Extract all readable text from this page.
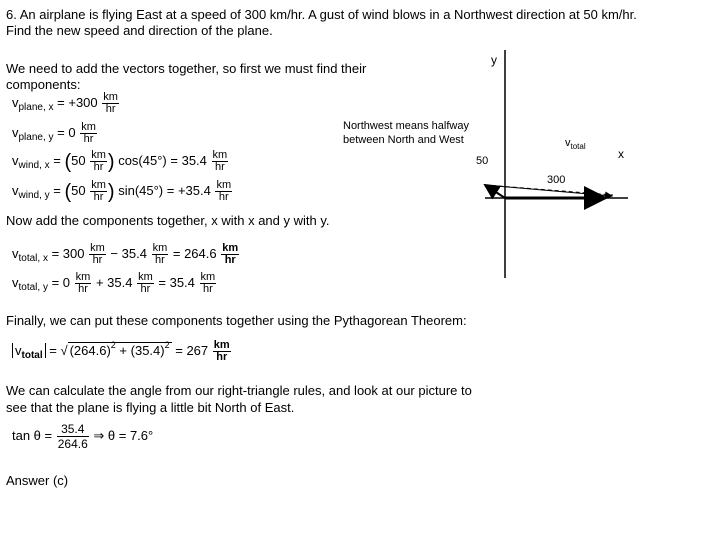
6. An airplane is flying East at a speed of 300 km/hr. A gust of wind blows in a Northwest direction at 50 km/hr.
Find the new speed and direction of the plane.
We need to add the vectors together, so first we must find their
components:
$v_{plane, x} = +300 \frac{km}{hr}$
$v_{plane, y} = 0 \frac{km}{hr}$
$v_{wind, x} = (50 \frac{km}{hr}$ ) $\cos(45^\circ) = 35.4 \frac{km}{hr}$
$v_{wind, y} = (50 \frac{km}{hr}$ ) $\sin(45^\circ) = +35.4 \frac{km}{hr}$
y
x
Northwest means halfway
between North and West	$v_{total}$
50
300
Now add the components together, x with x and y with y.
$v_{total, x} = 300 \frac{km}{hr} - 35.4 \frac{km}{hr} = 264.6 \frac{km}{hr}$
$v_{total, y} = 0 \frac{km}{hr} + 35.4 \frac{km}{hr} = 35.4 \frac{km}{hr}$
Finally, we can put these components together using the Pythagorean Theorem:
$v_{total}$ = √ $(264.6)^2 + (35.4)^2 = 267 \frac{km}{hr}$
We can calculate the angle from our right-triangle rules, and look at our picture to
see that the plane is flying a little bit North of East.
$\tan \theta = \frac{35.4}{264.6}$ ⇒ θ = 7.6°
Answer (c)
